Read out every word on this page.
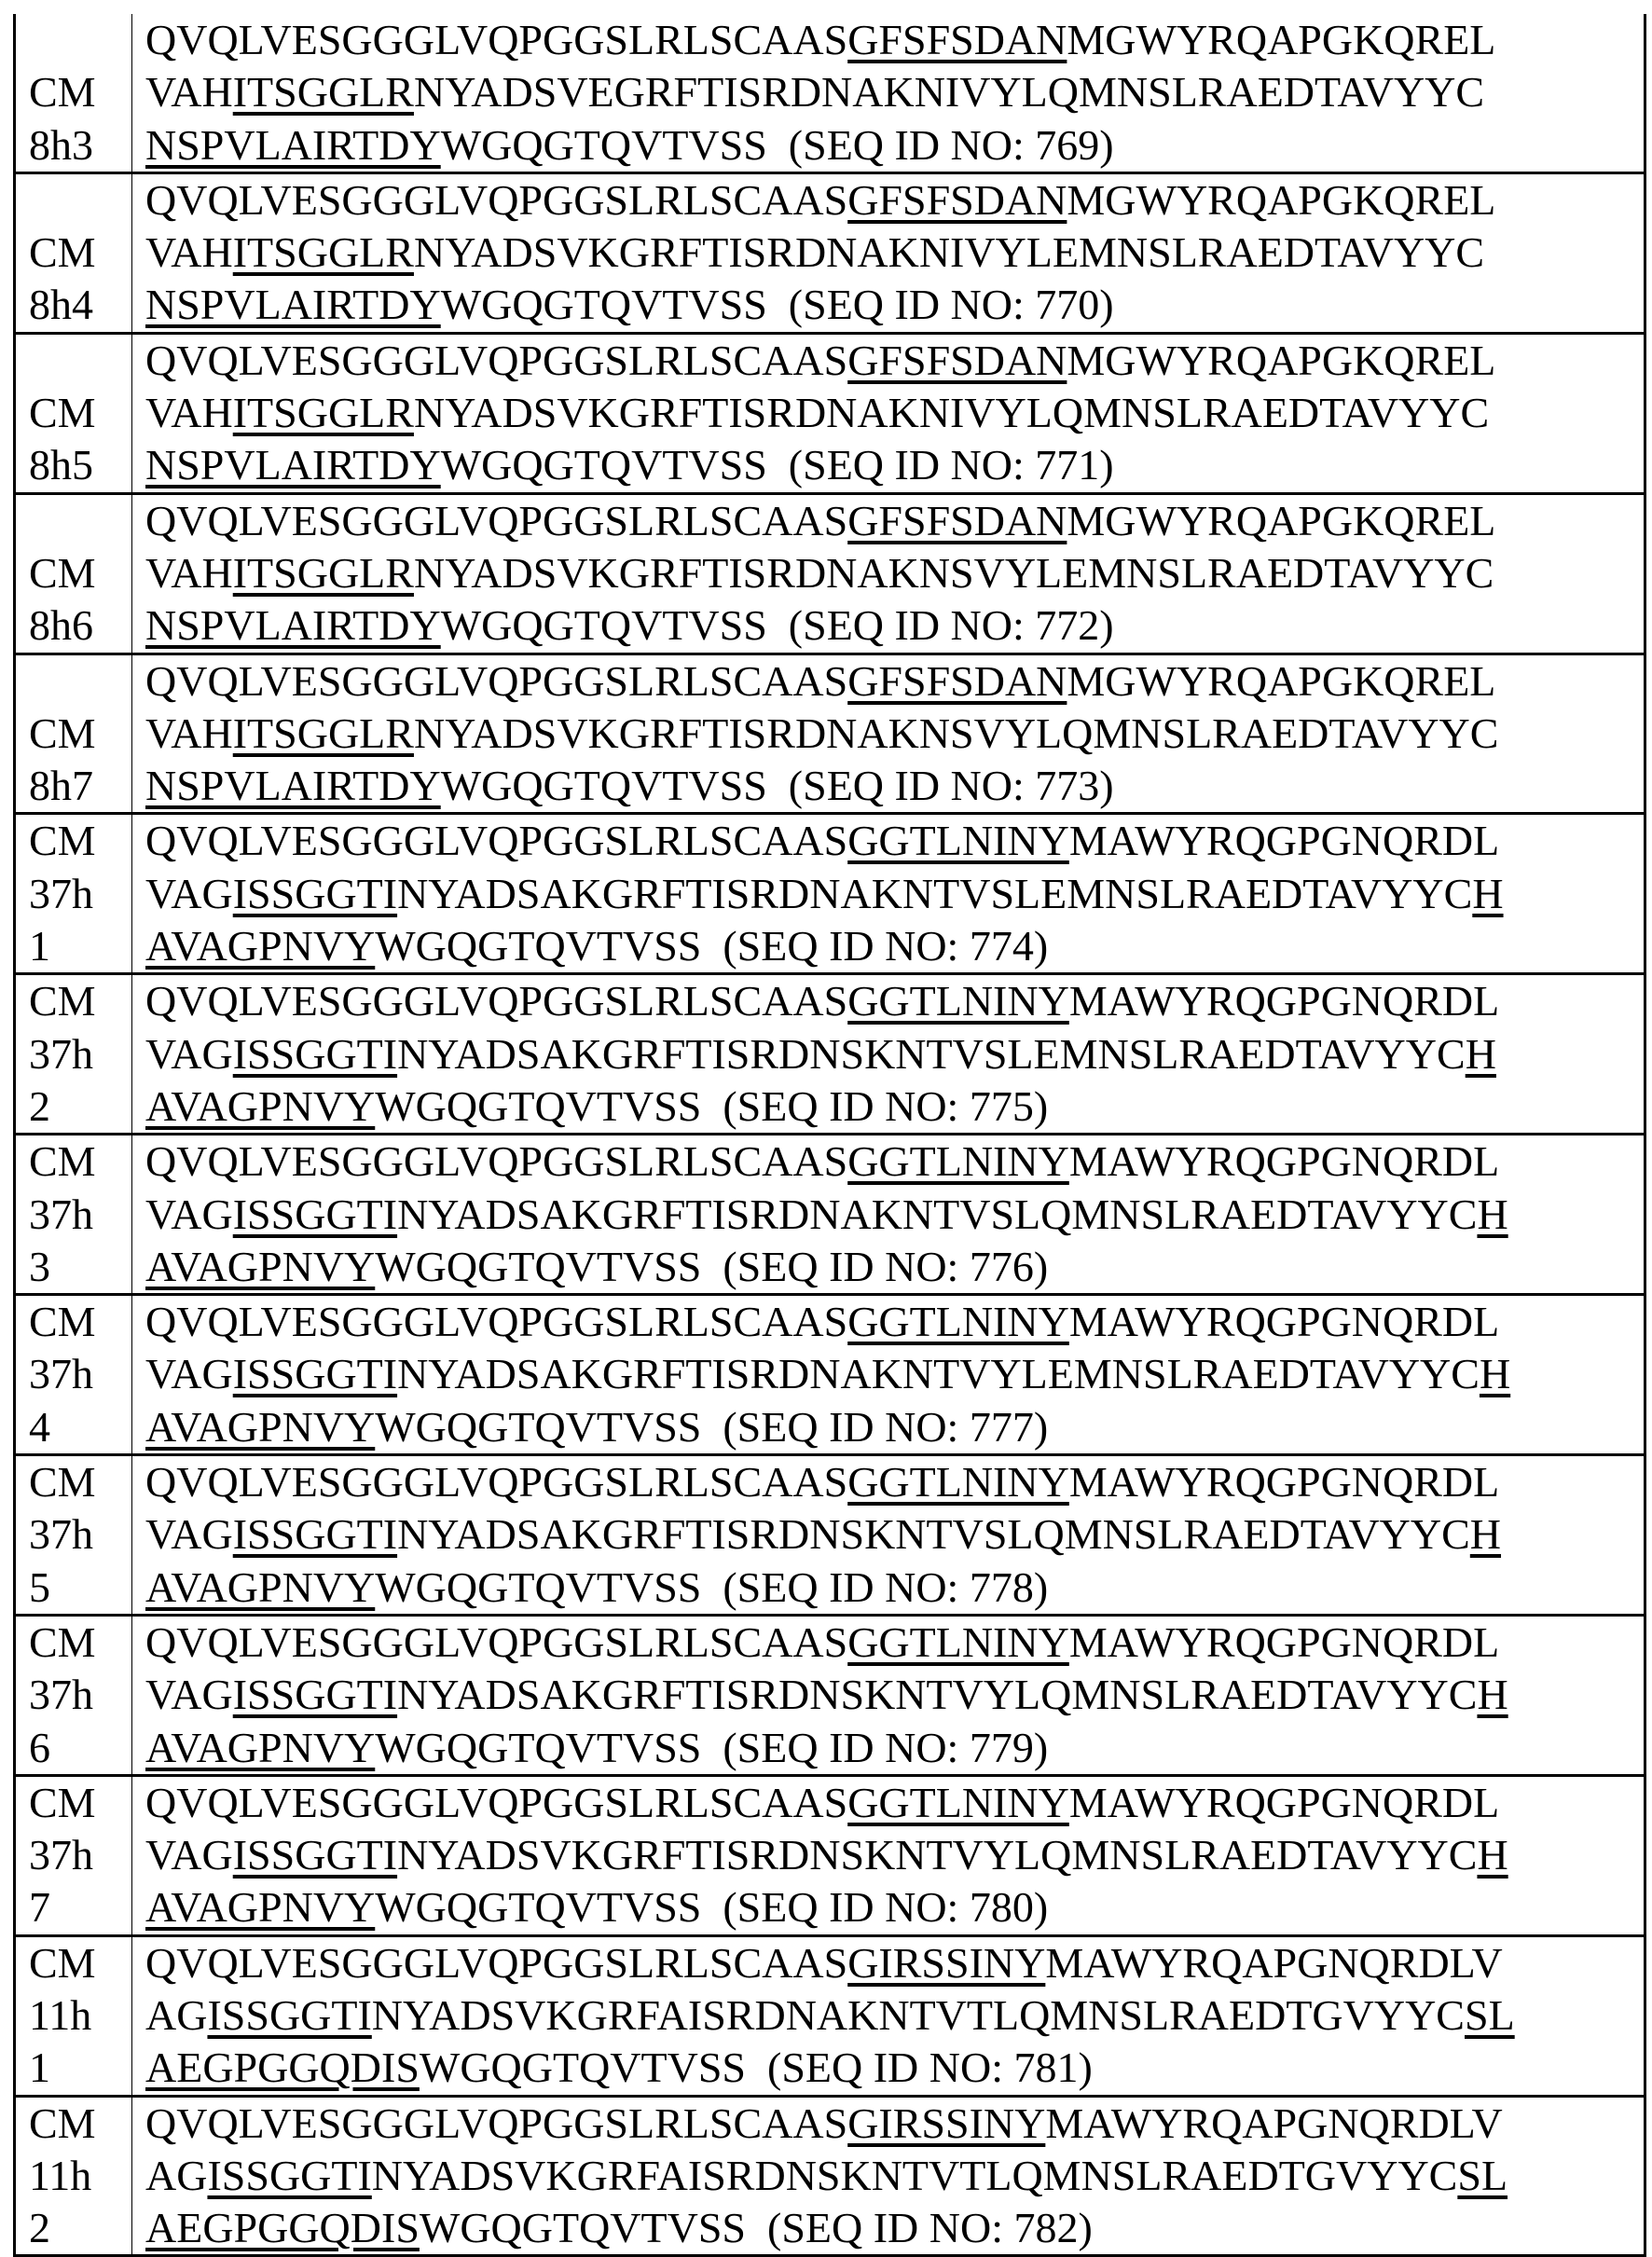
CM
8h3

QVQLVESGGGLVQPGGSLRLSCAASGFSFSDANMGWYRQAPGKQREL
VAHITSGGLRNYADSVEGRFTISRDNAKNIVYLQMNSLRAEDTAVYYC
NSPVLAIRTDYWGQGTQVTVSS  (SEQ ID NO: 769)

CM
8h4

QVQLVESGGGLVQPGGSLRLSCAASGFSFSDANMGWYRQAPGKQREL
VAHITSGGLRNYADSVKGRFTISRDNAKNIVYLEMNSLRAEDTAVYYC
NSPVLAIRTDYWGQGTQVTVSS  (SEQ ID NO: 770)

CM
8h5

QVQLVESGGGLVQPGGSLRLSCAASGFSFSDANMGWYRQAPGKQREL
VAHITSGGLRNYADSVKGRFTISRDNAKNIVYLQMNSLRAEDTAVYYC
NSPVLAIRTDYWGQGTQVTVSS  (SEQ ID NO: 771)

CM
8h6

QVQLVESGGGLVQPGGSLRLSCAASGFSFSDANMGWYRQAPGKQREL
VAHITSGGLRNYADSVKGRFTISRDNAKNSVYLEMNSLRAEDTAVYYC
NSPVLAIRTDYWGQGTQVTVSS  (SEQ ID NO: 772)

CM
8h7

QVQLVESGGGLVQPGGSLRLSCAASGFSFSDANMGWYRQAPGKQREL
VAHITSGGLRNYADSVKGRFTISRDNAKNSVYLQMNSLRAEDTAVYYC
NSPVLAIRTDYWGQGTQVTVSS  (SEQ ID NO: 773)

CM
37h
1

QVQLVESGGGLVQPGGSLRLSCAASGGTLNINYMAWYRQGPGNQRDL
VAGISSGGTINYADSAKGRFTISRDNAKNTVSLEMNSLRAEDTAVYYCH
AVAGPNVYWGQGTQVTVSS  (SEQ ID NO: 774)

CM
37h
2

QVQLVESGGGLVQPGGSLRLSCAASGGTLNINYMAWYRQGPGNQRDL
VAGISSGGTINYADSAKGRFTISRDNSKNTVSLEMNSLRAEDTAVYYCH
AVAGPNVYWGQGTQVTVSS  (SEQ ID NO: 775)

CM
37h
3

QVQLVESGGGLVQPGGSLRLSCAASGGTLNINYMAWYRQGPGNQRDL
VAGISSGGTINYADSAKGRFTISRDNAKNTVSLQMNSLRAEDTAVYYCH
AVAGPNVYWGQGTQVTVSS  (SEQ ID NO: 776)

CM
37h
4

QVQLVESGGGLVQPGGSLRLSCAASGGTLNINYMAWYRQGPGNQRDL
VAGISSGGTINYADSAKGRFTISRDNAKNTVYLEMNSLRAEDTAVYYCH
AVAGPNVYWGQGTQVTVSS  (SEQ ID NO: 777)

CM
37h
5

QVQLVESGGGLVQPGGSLRLSCAASGGTLNINYMAWYRQGPGNQRDL
VAGISSGGTINYADSAKGRFTISRDNSKNTVSLQMNSLRAEDTAVYYCH
AVAGPNVYWGQGTQVTVSS  (SEQ ID NO: 778)

CM
37h
6

QVQLVESGGGLVQPGGSLRLSCAASGGTLNINYMAWYRQGPGNQRDL
VAGISSGGTINYADSAKGRFTISRDNSKNTVYLQMNSLRAEDTAVYYCH
AVAGPNVYWGQGTQVTVSS  (SEQ ID NO: 779)

CM
37h
7

QVQLVESGGGLVQPGGSLRLSCAASGGTLNINYMAWYRQGPGNQRDL
VAGISSGGTINYADSVKGRFTISRDNSKNTVYLQMNSLRAEDTAVYYCH
AVAGPNVYWGQGTQVTVSS  (SEQ ID NO: 780)

CM
11h
1

QVQLVESGGGLVQPGGSLRLSCAASGIRSSINYMAWYRQAPGNQRDLV
AGISSGGTINYADSVKGRFAISRDNAKNTVTLQMNSLRAEDTGVYYCSL
AEGPGGQDISWGQGTQVTVSS  (SEQ ID NO: 781)

CM
11h
2

QVQLVESGGGLVQPGGSLRLSCAASGIRSSINYMAWYRQAPGNQRDLV
AGISSGGTINYADSVKGRFAISRDNSKNTVTLQMNSLRAEDTGVYYCSL
AEGPGGQDISWGQGTQVTVSS  (SEQ ID NO: 782)
